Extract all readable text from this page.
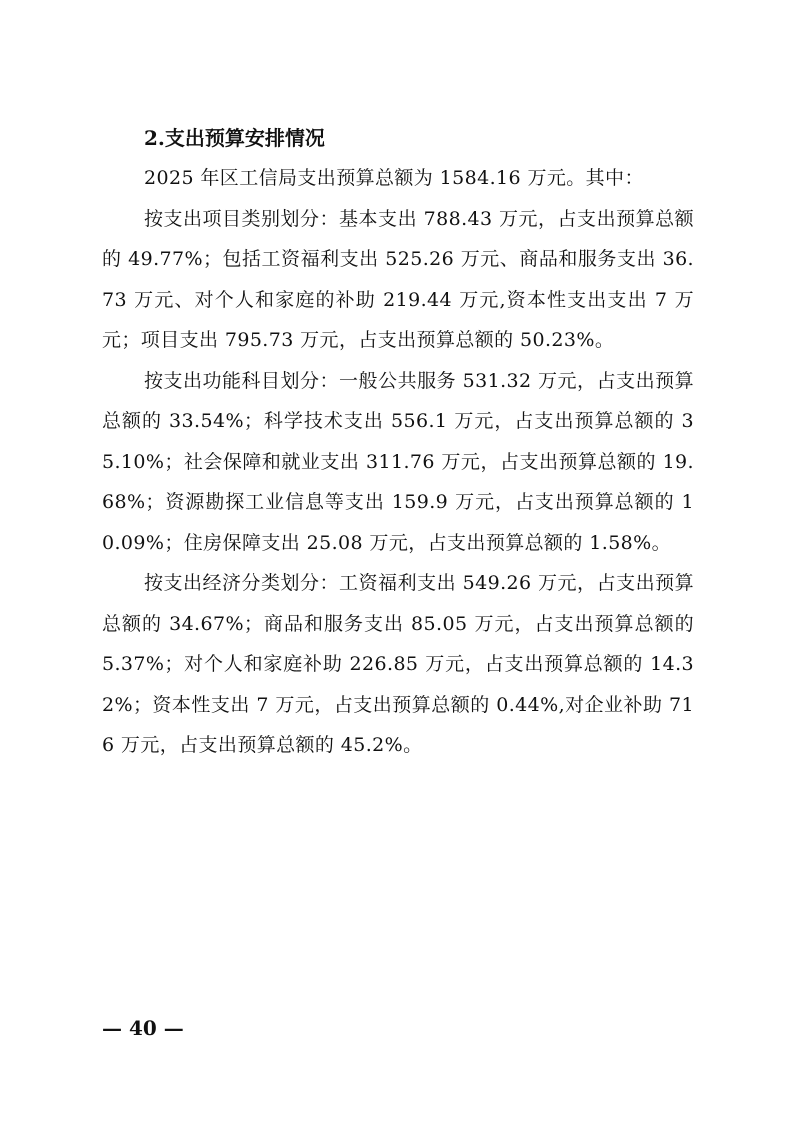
2.支出预算安排情况

2025 年区工信局支出预算总额为 1584.16 万元。其中：

按支出项目类别划分：基本支出 788.43 万元，占支出预算总额的 49.77%；包括工资福利支出 525.26 万元、商品和服务支出 36.73 万元、对个人和家庭的补助 219.44 万元,资本性支出支出 7 万元；项目支出 795.73 万元，占支出预算总额的 50.23%。

按支出功能科目划分：一般公共服务 531.32 万元，占支出预算总额的 33.54%；科学技术支出 556.1 万元，占支出预算总额的 35.10%；社会保障和就业支出 311.76 万元，占支出预算总额的 19.68%；资源勘探工业信息等支出 159.9 万元，占支出预算总额的 10.09%；住房保障支出 25.08 万元，占支出预算总额的 1.58%。

按支出经济分类划分：工资福利支出 549.26 万元，占支出预算总额的 34.67%；商品和服务支出 85.05 万元，占支出预算总额的 5.37%；对个人和家庭补助 226.85 万元，占支出预算总额的 14.32%；资本性支出 7 万元，占支出预算总额的 0.44%,对企业补助 716 万元，占支出预算总额的 45.2%。

— 40 —
